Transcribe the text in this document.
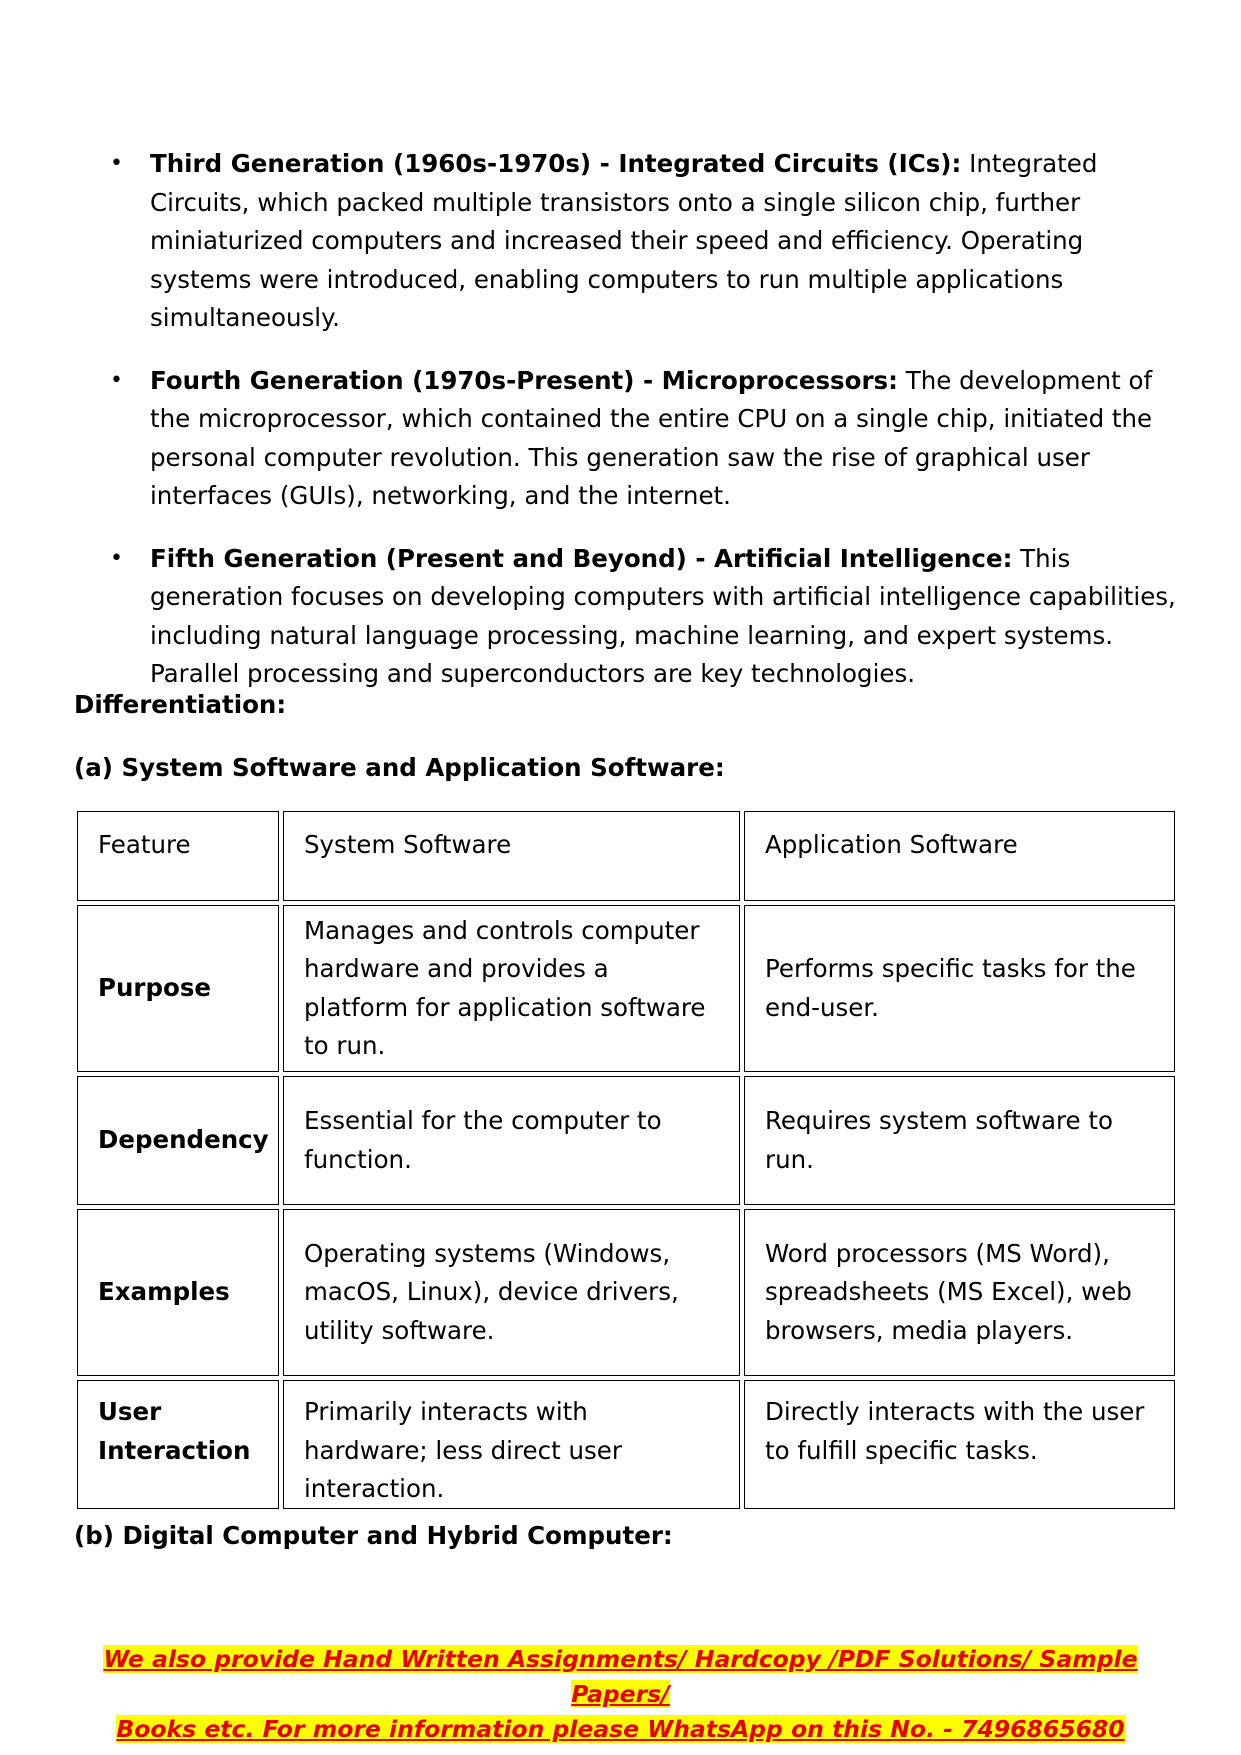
• Third Generation (1960s-1970s) - Integrated Circuits (ICs): Integrated Circuits, which packed multiple transistors onto a single silicon chip, further miniaturized computers and increased their speed and efficiency. Operating systems were introduced, enabling computers to run multiple applications simultaneously.
• Fourth Generation (1970s-Present) - Microprocessors: The development of the microprocessor, which contained the entire CPU on a single chip, initiated the personal computer revolution. This generation saw the rise of graphical user interfaces (GUIs), networking, and the internet.
• Fifth Generation (Present and Beyond) - Artificial Intelligence: This generation focuses on developing computers with artificial intelligence capabilities, including natural language processing, machine learning, and expert systems. Parallel processing and superconductors are key technologies.

Differentiation:

(a) System Software and Application Software:

Feature	System Software	Application Software
Purpose
Manages and controls computer hardware and provides a platform for application software to run.
Performs specific tasks for the end-user.
Dependency
Essential for the computer to function.
Requires system software to run.
Examples
Operating systems (Windows, macOS, Linux), device drivers, utility software.
Word processors (MS Word), spreadsheets (MS Excel), web browsers, media players.
User Interaction
Primarily interacts with hardware; less direct user interaction.
Directly interacts with the user to fulfill specific tasks.

(b) Digital Computer and Hybrid Computer:

We also provide Hand Written Assignments/ Hardcopy /PDF Solutions/ Sample Papers/
Books etc. For more information please WhatsApp on this No. - 7496865680
